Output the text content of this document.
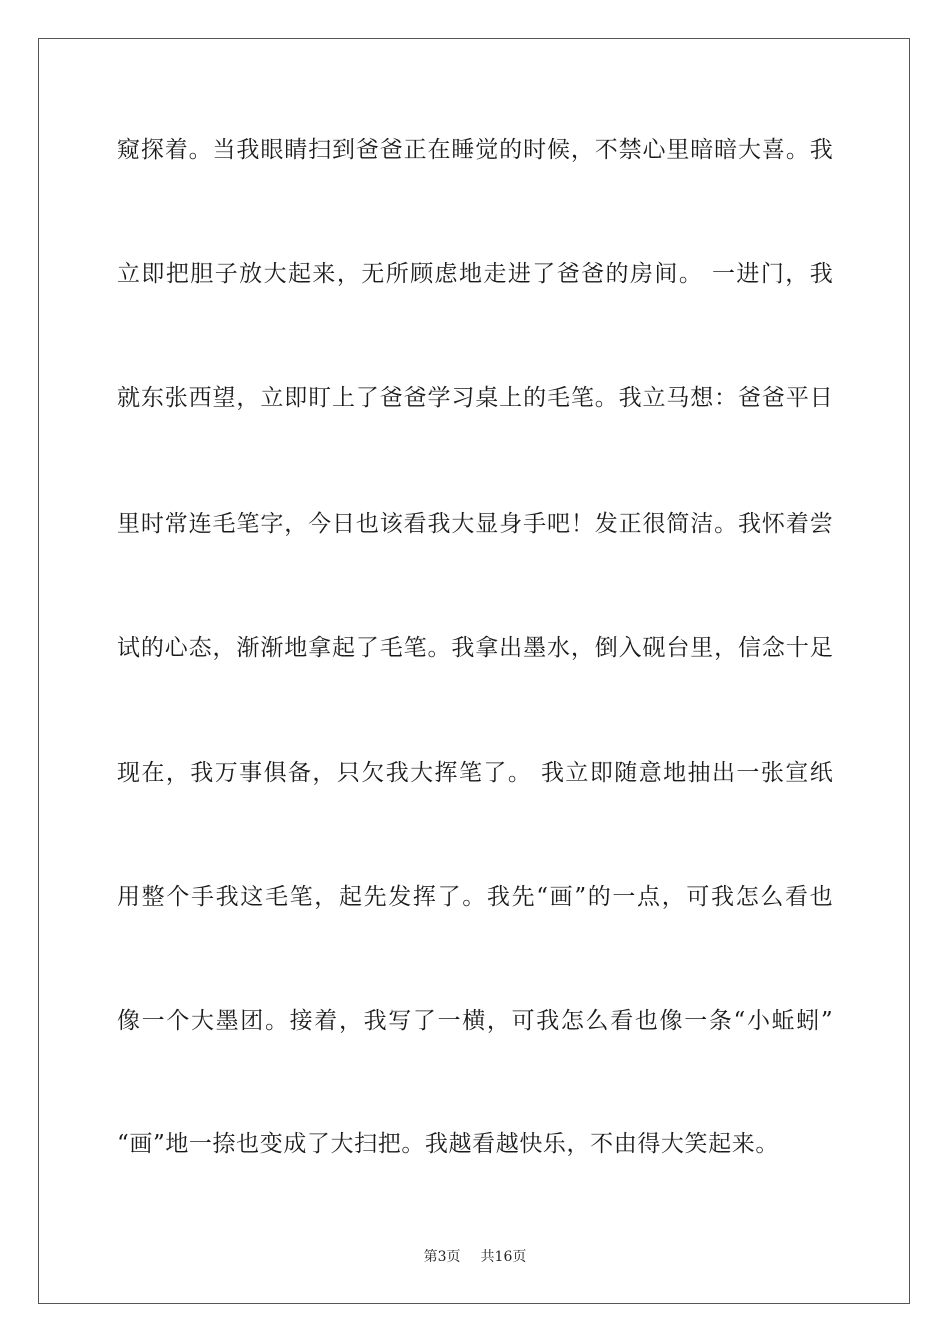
窥探着。当我眼睛扫到爸爸正在睡觉的时候，不禁心里暗暗大喜。我
立即把胆子放大起来，无所顾虑地走进了爸爸的房间。 一进门，我
就东张西望，立即盯上了爸爸学习桌上的毛笔。我立马想：爸爸平日
里时常连毛笔字，今日也该看我大显身手吧！发正很简洁。我怀着尝
试的心态，渐渐地拿起了毛笔。我拿出墨水，倒入砚台里，信念十足
现在，我万事俱备，只欠我大挥笔了。 我立即随意地抽出一张宣纸
用整个手我这毛笔，起先发挥了。我先“画”的一点，可我怎么看也
像一个大墨团。接着，我写了一横，可我怎么看也像一条“小蚯蚓”
“画”地一捺也变成了大扫把。我越看越快乐，不由得大笑起来。
第3页 共16页
